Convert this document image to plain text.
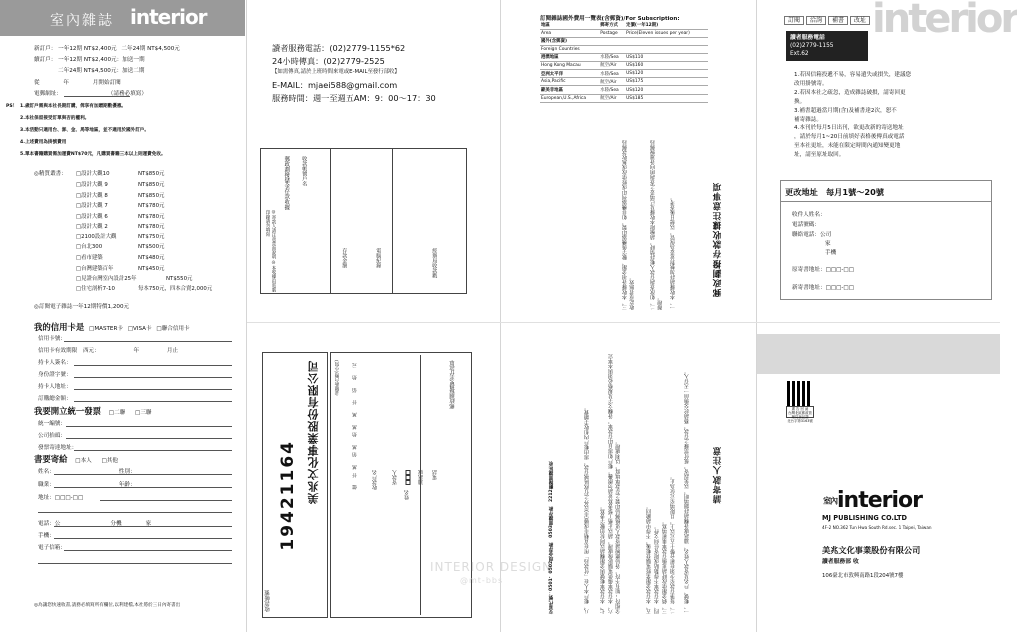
室內雜誌 interior
新訂戶： 一年12期 NT$2,400元 二年24期 NT$4,500元
續訂戶： 一年12期 NT$2,400元：加送一期
二年24期 NT$4,500元：加送二期
從	年	月開始訂閱
電郵網址：	（請務必填寫）
PS！ 1.歲訂戶需與本社長期訂購，俾享有加贈期數優惠。
2.本社保留接受訂單與否的權利。
3.本活動只適用台、澎、金、馬等地區，並不適用於國外訂戶。
4.上述費用為掛號費用
5.單本書籍購買需加運費NT$70元，凡購買書籍三本以上則運費免收。
◎精質叢書： □設計大觀10	NT$850元
□設計大觀 9	NT$850元
□設計大觀 8	NT$850元
□設計大觀 7	NT$780元
□設計大觀 6	NT$780元
□設計大觀 2	NT$780元
□2100設計大觀	NT$750元
□台北300	NT$500元
□看市建築	NT$480元
□台灣建築百年	NT$450元
□見證台灣室內設計25年	NT$550元
□住宅剖析7-10	每本750元，四本合賣2,000元
◎訂閱電子雜誌一年12期特價1,200元
我的信用卡是 □MASTER卡 □VISA卡 □聯合信用卡
信用卡號：
信用卡有效期限 西元：	年	月止
持卡人簽名：
身份證字號：
持卡人地址：
訂購總金額：
我要開立統一發票 □二聯 □三聯
統一編號：
公司抬頭：
發票寄達地址：
書要寄給 □本人 □其他
姓名：	性別：
職業：	年齡：
地址：□□□-□□
電話：公	分機	家
手機：
電子信箱：
◎為讓您快速收書,請務必填寫所有欄位,以利建檔,本社將於三日內寄書出
讀者服務電話：(02)2779-1155*62
24小時傳真：(02)2779-2525
【如需傳真,請於上班時間來電或E-MAIL至發行部收】
E-MAIL：mjaei588@gmail.com
服務時間：週一至週五AM：9：00～17：30
郵政劃撥儲金存款收據 收款帳號戶名
存款金額	電腦紀錄	經辦局收款戳
◎寄款人請注意背面說明 ◎本收據由電腦印錄請勿填寫
訂閱雜誌國外費用一覽表(含郵資)/For Subscription:
地區	郵寄方式	定價(一年12期)
Area	Postage	Price(Eleven issues per year)
國外(含郵資)		
Foreign Countries		
港澳地區	水陸/Sea	US$110
Hong Kong Macau	航空/Air	US$160
亞洲太平洋	水陸/Sea	US$120
Asia,Pacific	航空/Air	US$175
歐美非地區	水陸/Sea	US$120
European,U.S.,Africa	航空/Air	US$185
郵政劃撥存款收據注意事項
一、本收據請詳加核對並妥為保管，以便日後查考。
二、如欲查詢存款入帳詳情時，請檢附本收據及已填妥之查詢函向各連線郵局辦理。
三、本收據各項金額、數字係機器印製，如非機器列印或經塗改或無收款郵局收訖章者無效。
19421164
收款帳號
美兆文化事業股份有限公司	金額新台幣(小寫)
億 仟萬 佰萬 拾萬 萬 仟 佰 拾 元
收款戶名	寄款人
姓名　
通訊處 電話
郵政劃撥儲金存款單
INTERIOR DESIGN
@mt-bbs
請寄款人注意
一、帳號、戶名及寄款人姓名、通訊處各欄請詳細填明，以免誤寄，抵付票據之存款，務請於交換前一天存入。
二、每筆存款至少須在新台幣十五元以上，且限填至元位為止。
三、倘金額塗改時請更換存款單重新填寫。
四、本存款單不得黏貼或附寄任何文件。
五、本存款金額業經電腦登帳後，不得申請撤回。
六、本存款單備供電腦影像處理，請以正楷工整書寫並請勿摺疊。帳戶如需自印存款單，各欄文字及規格必須與本單完全相符；如有不符，各局應婉請寄款人更換郵局印製之存款單填寫，以利處理。
七、本存款單帳號與金額欄請以阿拉伯數字書寫。
八、帳戶本人在「付款局」所在直轄市或縣(市)以外之行政區域存款，需由帳戶內扣收手續費。
交易代號：0501、0502現金存款　0503票據存款　2212劃撥票據託收
訂閱 洽詢 補書 改址 interior
讀者服務電話
(02)2779-1155
Ext.62
1.若因信箱投遞不易，容易遺失或損失，建議您
改用掛號寄。
2.若因本社之疏忽，造成雜誌破損，請寄回更
換。
3.補書超過當月期(含)及補書達2次，恕不
補寄雜誌。
4.本刊於每月5日出刊，欲更改新的寄送地址
，請於每月1~20日前填好表格後傳真或電話
至本社更址，未能在限定時間內通知變更地
址，請至原址取回。
更改地址　每月1號〜20號
收件人姓名：
電話號碼：
聯絡電話：公司
家
手機
原寄書地址：□□□-□□
新寄書地址：□□□-□□
廣 告 回 函
台灣北區郵政管理局登記證
北台字第3163號
室內interior
MJ PUBLISHING CO.LTD
4F-2 NO.362 Tun Hwa South Rd.sec. 1 Taipei, Taiwan
美兆文化事業股份有限公司
讀者服務部 收
106臺北市敦興南路1段204號7樓
